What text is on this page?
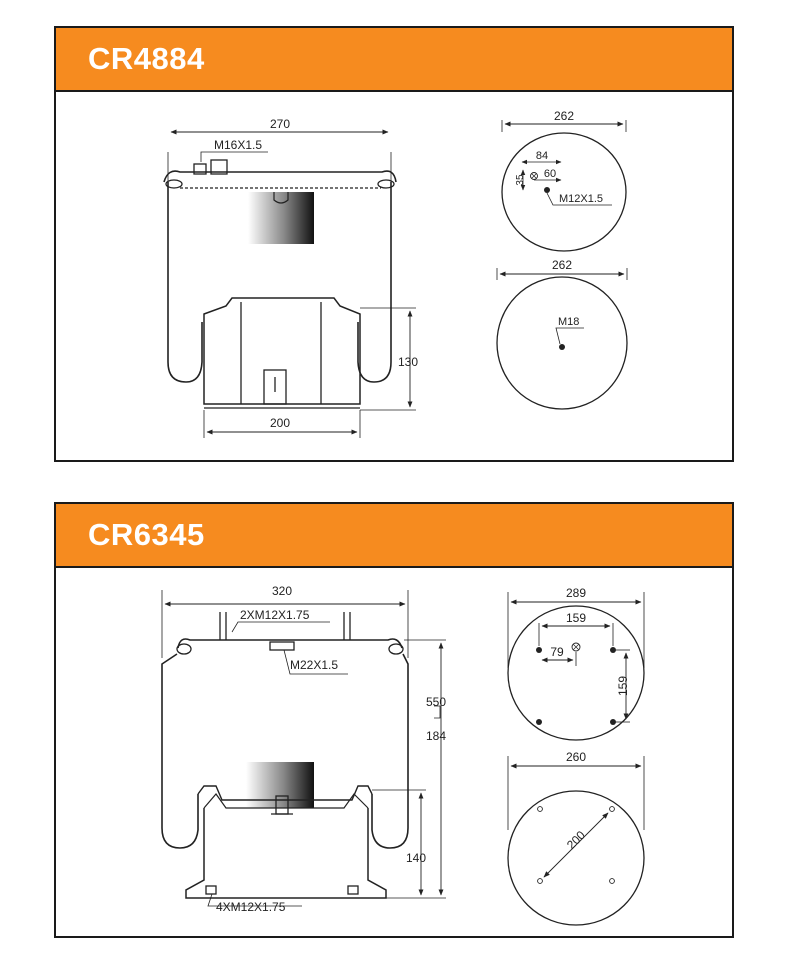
CR4884
270
M16X1.5
130
200
262
84
60
35
M12X1.5
262
M18
CR6345
320
2XM12X1.75
M22X1.5
550
184
140
4XM12X1.75
289
159
79
159
260
200
